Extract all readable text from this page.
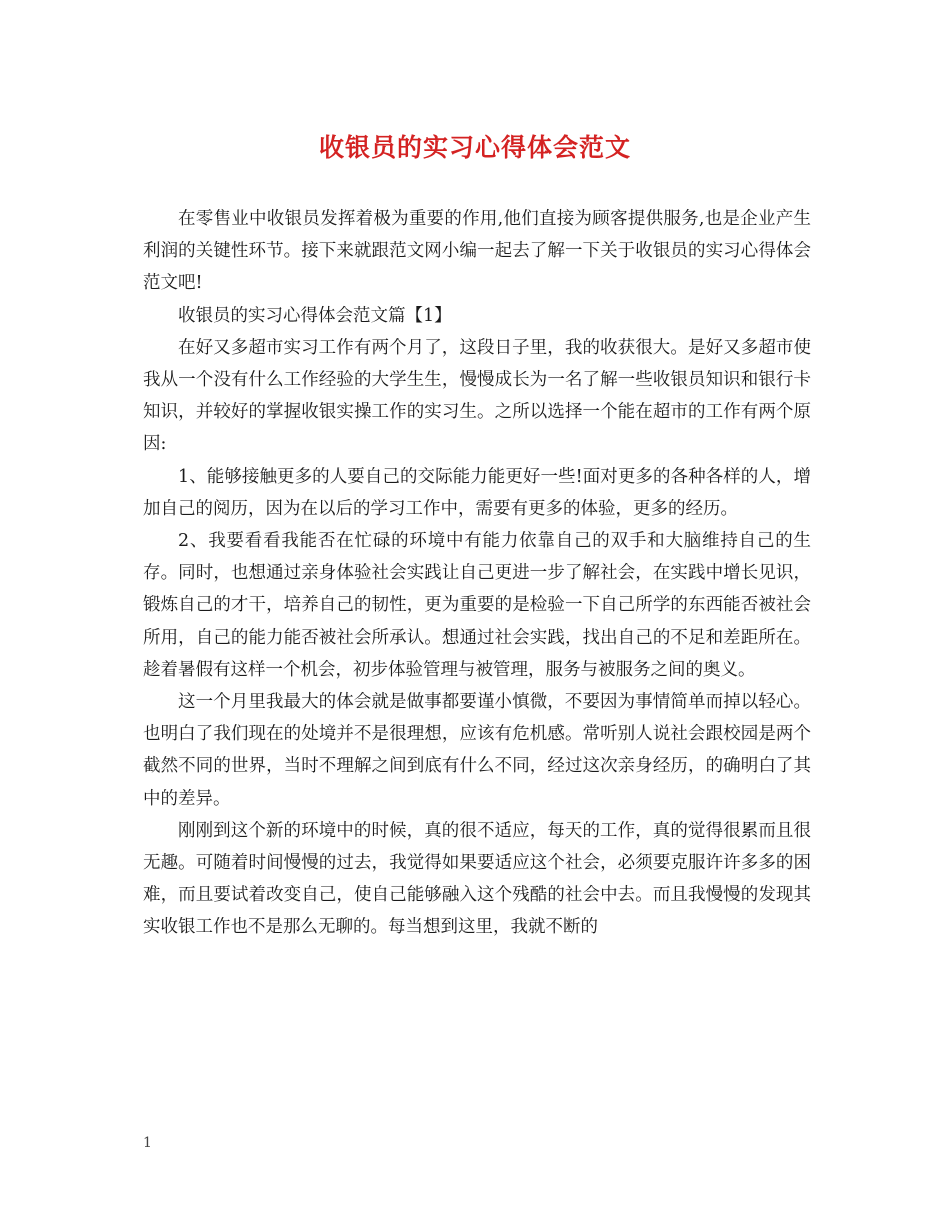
收银员的实习心得体会范文

在零售业中收银员发挥着极为重要的作用,他们直接为顾客提供服务,也是企业产生利润的关键性环节。接下来就跟范文网小编一起去了解一下关于收银员的实习心得体会范文吧!

收银员的实习心得体会范文篇【1】

在好又多超市实习工作有两个月了，这段日子里，我的收获很大。是好又多超市使我从一个没有什么工作经验的大学生生，慢慢成长为一名了解一些收银员知识和银行卡知识，并较好的掌握收银实操工作的实习生。之所以选择一个能在超市的工作有两个原因:

1、能够接触更多的人要自己的交际能力能更好一些!面对更多的各种各样的人，增加自己的阅历，因为在以后的学习工作中，需要有更多的体验，更多的经历。

2、我要看看我能否在忙碌的环境中有能力依靠自己的双手和大脑维持自己的生存。同时，也想通过亲身体验社会实践让自己更进一步了解社会，在实践中增长见识，锻炼自己的才干，培养自己的韧性，更为重要的是检验一下自己所学的东西能否被社会所用，自己的能力能否被社会所承认。想通过社会实践，找出自己的不足和差距所在。趁着暑假有这样一个机会，初步体验管理与被管理，服务与被服务之间的奥义。

这一个月里我最大的体会就是做事都要谨小慎微，不要因为事情简单而掉以轻心。也明白了我们现在的处境并不是很理想，应该有危机感。常听别人说社会跟校园是两个截然不同的世界，当时不理解之间到底有什么不同，经过这次亲身经历，的确明白了其中的差异。

刚刚到这个新的环境中的时候，真的很不适应，每天的工作，真的觉得很累而且很无趣。可随着时间慢慢的过去，我觉得如果要适应这个社会，必须要克服许许多多的困难，而且要试着改变自己，使自己能够融入这个残酷的社会中去。而且我慢慢的发现其实收银工作也不是那么无聊的。每当想到这里，我就不断的

1
